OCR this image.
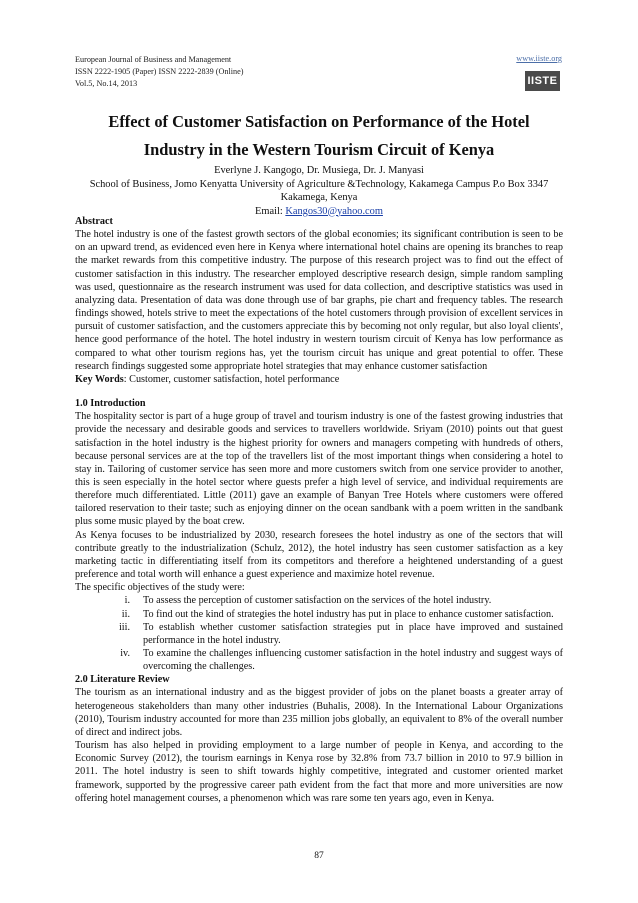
European Journal of Business and Management
ISSN 2222-1905 (Paper) ISSN 2222-2839 (Online)
Vol.5, No.14, 2013
www.iiste.org
IISTE
Effect of Customer Satisfaction on Performance of the Hotel
Industry in the Western Tourism Circuit of Kenya
Everlyne J. Kangogo, Dr. Musiega, Dr. J. Manyasi
School of Business, Jomo Kenyatta University of Agriculture &Technology, Kakamega Campus P.o Box 3347
Kakamega, Kenya
Email: Kangos30@yahoo.com
Abstract

The hotel industry is one of the fastest growth sectors of the global economies; its significant contribution is seen to be on an upward trend, as evidenced even here in Kenya where international hotel chains are opening its branches to reap the market rewards from this competitive industry. The purpose of this research project was to find out the effect of customer satisfaction in this industry. The researcher employed descriptive research design, simple random sampling was used, questionnaire as the research instrument was used for data collection, and descriptive statistics was used in analyzing data. Presentation of data was done through use of bar graphs, pie chart and frequency tables. The research findings showed, hotels strive to meet the expectations of the hotel customers through provision of excellent services in pursuit of customer satisfaction, and the customers appreciate this by becoming not only regular, but also loyal clients', hence good performance of the hotel. The hotel industry in western tourism circuit of Kenya has low performance as compared to what other tourism regions has, yet the tourism circuit has unique and great potential to offer. These research findings suggested some appropriate hotel strategies that may enhance customer satisfaction

Key Words: Customer, customer satisfaction, hotel performance

1.0 Introduction

The hospitality sector is part of a huge group of travel and tourism industry is one of the fastest growing industries that provide the necessary and desirable goods and services to travellers worldwide. Sriyam (2010) points out that guest satisfaction in the hotel industry is the highest priority for owners and managers competing with hundreds of others, because personal services are at the top of the travellers list of the most important things when considering a hotel to stay in. Tailoring of customer service has seen more and more customers switch from one service provider to another, this is seen especially in the hotel sector where guests prefer a high level of service, and individual requirements are therefore much differentiated. Little (2011) gave an example of Banyan Tree Hotels where customers were offered tailored reservation to their taste; such as enjoying dinner on the ocean sandbank with a poem written in the sandbank plus some music played by the boat crew.

As Kenya focuses to be industrialized by 2030, research foresees the hotel industry as one of the sectors that will contribute greatly to the industrialization (Schulz, 2012), the hotel industry has seen customer satisfaction as a key marketing tactic in differentiating itself from its competitors and therefore a heightened understanding of a guest preference and total worth will enhance a guest experience and maximize hotel revenue.

The specific objectives of the study were:

i.	To assess the perception of customer satisfaction on the services of the hotel industry.
ii.	To find out the kind of strategies the hotel industry has put in place to enhance customer satisfaction.
iii.	To establish whether customer satisfaction strategies put in place have improved and sustained performance in the hotel industry.
iv.	To examine the challenges influencing customer satisfaction in the hotel industry and suggest ways of overcoming the challenges.
2.0 Literature Review

The tourism as an international industry and as the biggest provider of jobs on the planet boasts a greater array of heterogeneous stakeholders than many other industries (Buhalis, 2008). In the International Labour Organizations (2010), Tourism industry accounted for more than 235 million jobs globally, an equivalent to 8% of the overall number of direct and indirect jobs.

Tourism has also helped in providing employment to a large number of people in Kenya, and according to the Economic Survey (2012), the tourism earnings in Kenya rose by 32.8% from 73.7 billion in 2010 to 97.9 billion in 2011. The hotel industry is seen to shift towards highly competitive, integrated and customer oriented market framework, supported by the progressive career path evident from the fact that more and more universities are now offering hotel management courses, a phenomenon which was rare some ten years ago, even in Kenya.

87
